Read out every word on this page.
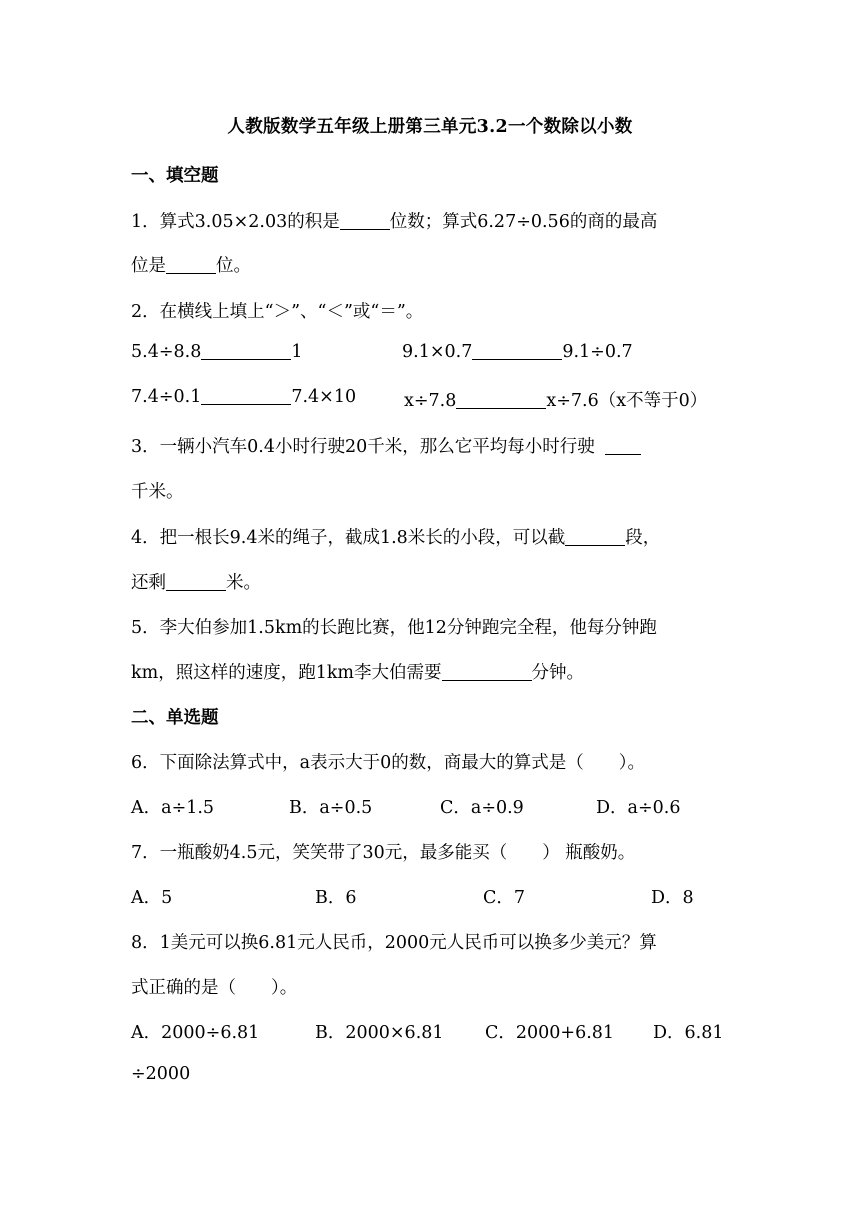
人教版数学五年级上册第三单元3.2一个数除以小数
一、填空题
1．算式3.05×2.03的积是	位数；算式6.27÷0.56的商的最高
位是	位。
2．在横线上填上“＞”、“＜”或“＝”。
5.4÷8.8	1	9.1×0.7	9.1÷0.7
7.4÷0.1	7.4×10	x÷7.8	x÷7.6（x不等于0）
3．一辆小汽车0.4小时行驶20千米，那么它平均每小时行驶
千米。
4．把一根长9.4米的绳子，截成1.8米长的小段，可以截	段，
还剩	米。
5．李大伯参加1.5km的长跑比赛，他12分钟跑完全程，他每分钟跑
km，照这样的速度，跑1km李大伯需要	分钟。
二、单选题
6．下面除法算式中，a表示大于0的数，商最大的算式是（　　）。
A．a÷1.5	B．a÷0.5	C．a÷0.9	D．a÷0.6
7．一瓶酸奶4.5元，笑笑带了30元，最多能买（　　） 瓶酸奶。
A．5	B．6	C．7	D．8
8．1美元可以换6.81元人民币，2000元人民币可以换多少美元？算
式正确的是（　　）。
A．2000÷6.81	B．2000×6.81 C．2000+6.81 D．6.81
÷2000
